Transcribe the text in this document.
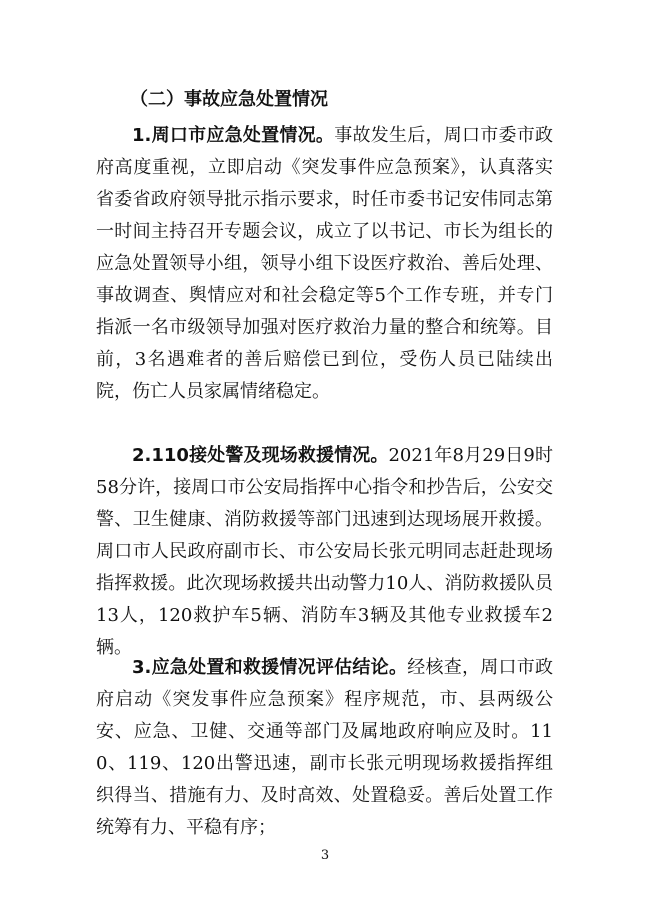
（二）事故应急处置情况

1.周口市应急处置情况。事故发生后，周口市委市政府高度重视，立即启动《突发事件应急预案》，认真落实省委省政府领导批示指示要求，时任市委书记安伟同志第一时间主持召开专题会议，成立了以书记、市长为组长的应急处置领导小组，领导小组下设医疗救治、善后处理、事故调查、舆情应对和社会稳定等5个工作专班，并专门指派一名市级领导加强对医疗救治力量的整合和统筹。目前，3名遇难者的善后赔偿已到位，受伤人员已陆续出院，伤亡人员家属情绪稳定。

2.110接处警及现场救援情况。2021年8月29日9时58分许，接周口市公安局指挥中心指令和抄告后，公安交警、卫生健康、消防救援等部门迅速到达现场展开救援。周口市人民政府副市长、市公安局长张元明同志赶赴现场指挥救援。此次现场救援共出动警力10人、消防救援队员13人，120救护车5辆、消防车3辆及其他专业救援车2辆。

3.应急处置和救援情况评估结论。经核查，周口市政府启动《突发事件应急预案》程序规范，市、县两级公安、应急、卫健、交通等部门及属地政府响应及时。110、119、120出警迅速，副市长张元明现场救援指挥组织得当、措施有力、及时高效、处置稳妥。善后处置工作统筹有力、平稳有序；

3
